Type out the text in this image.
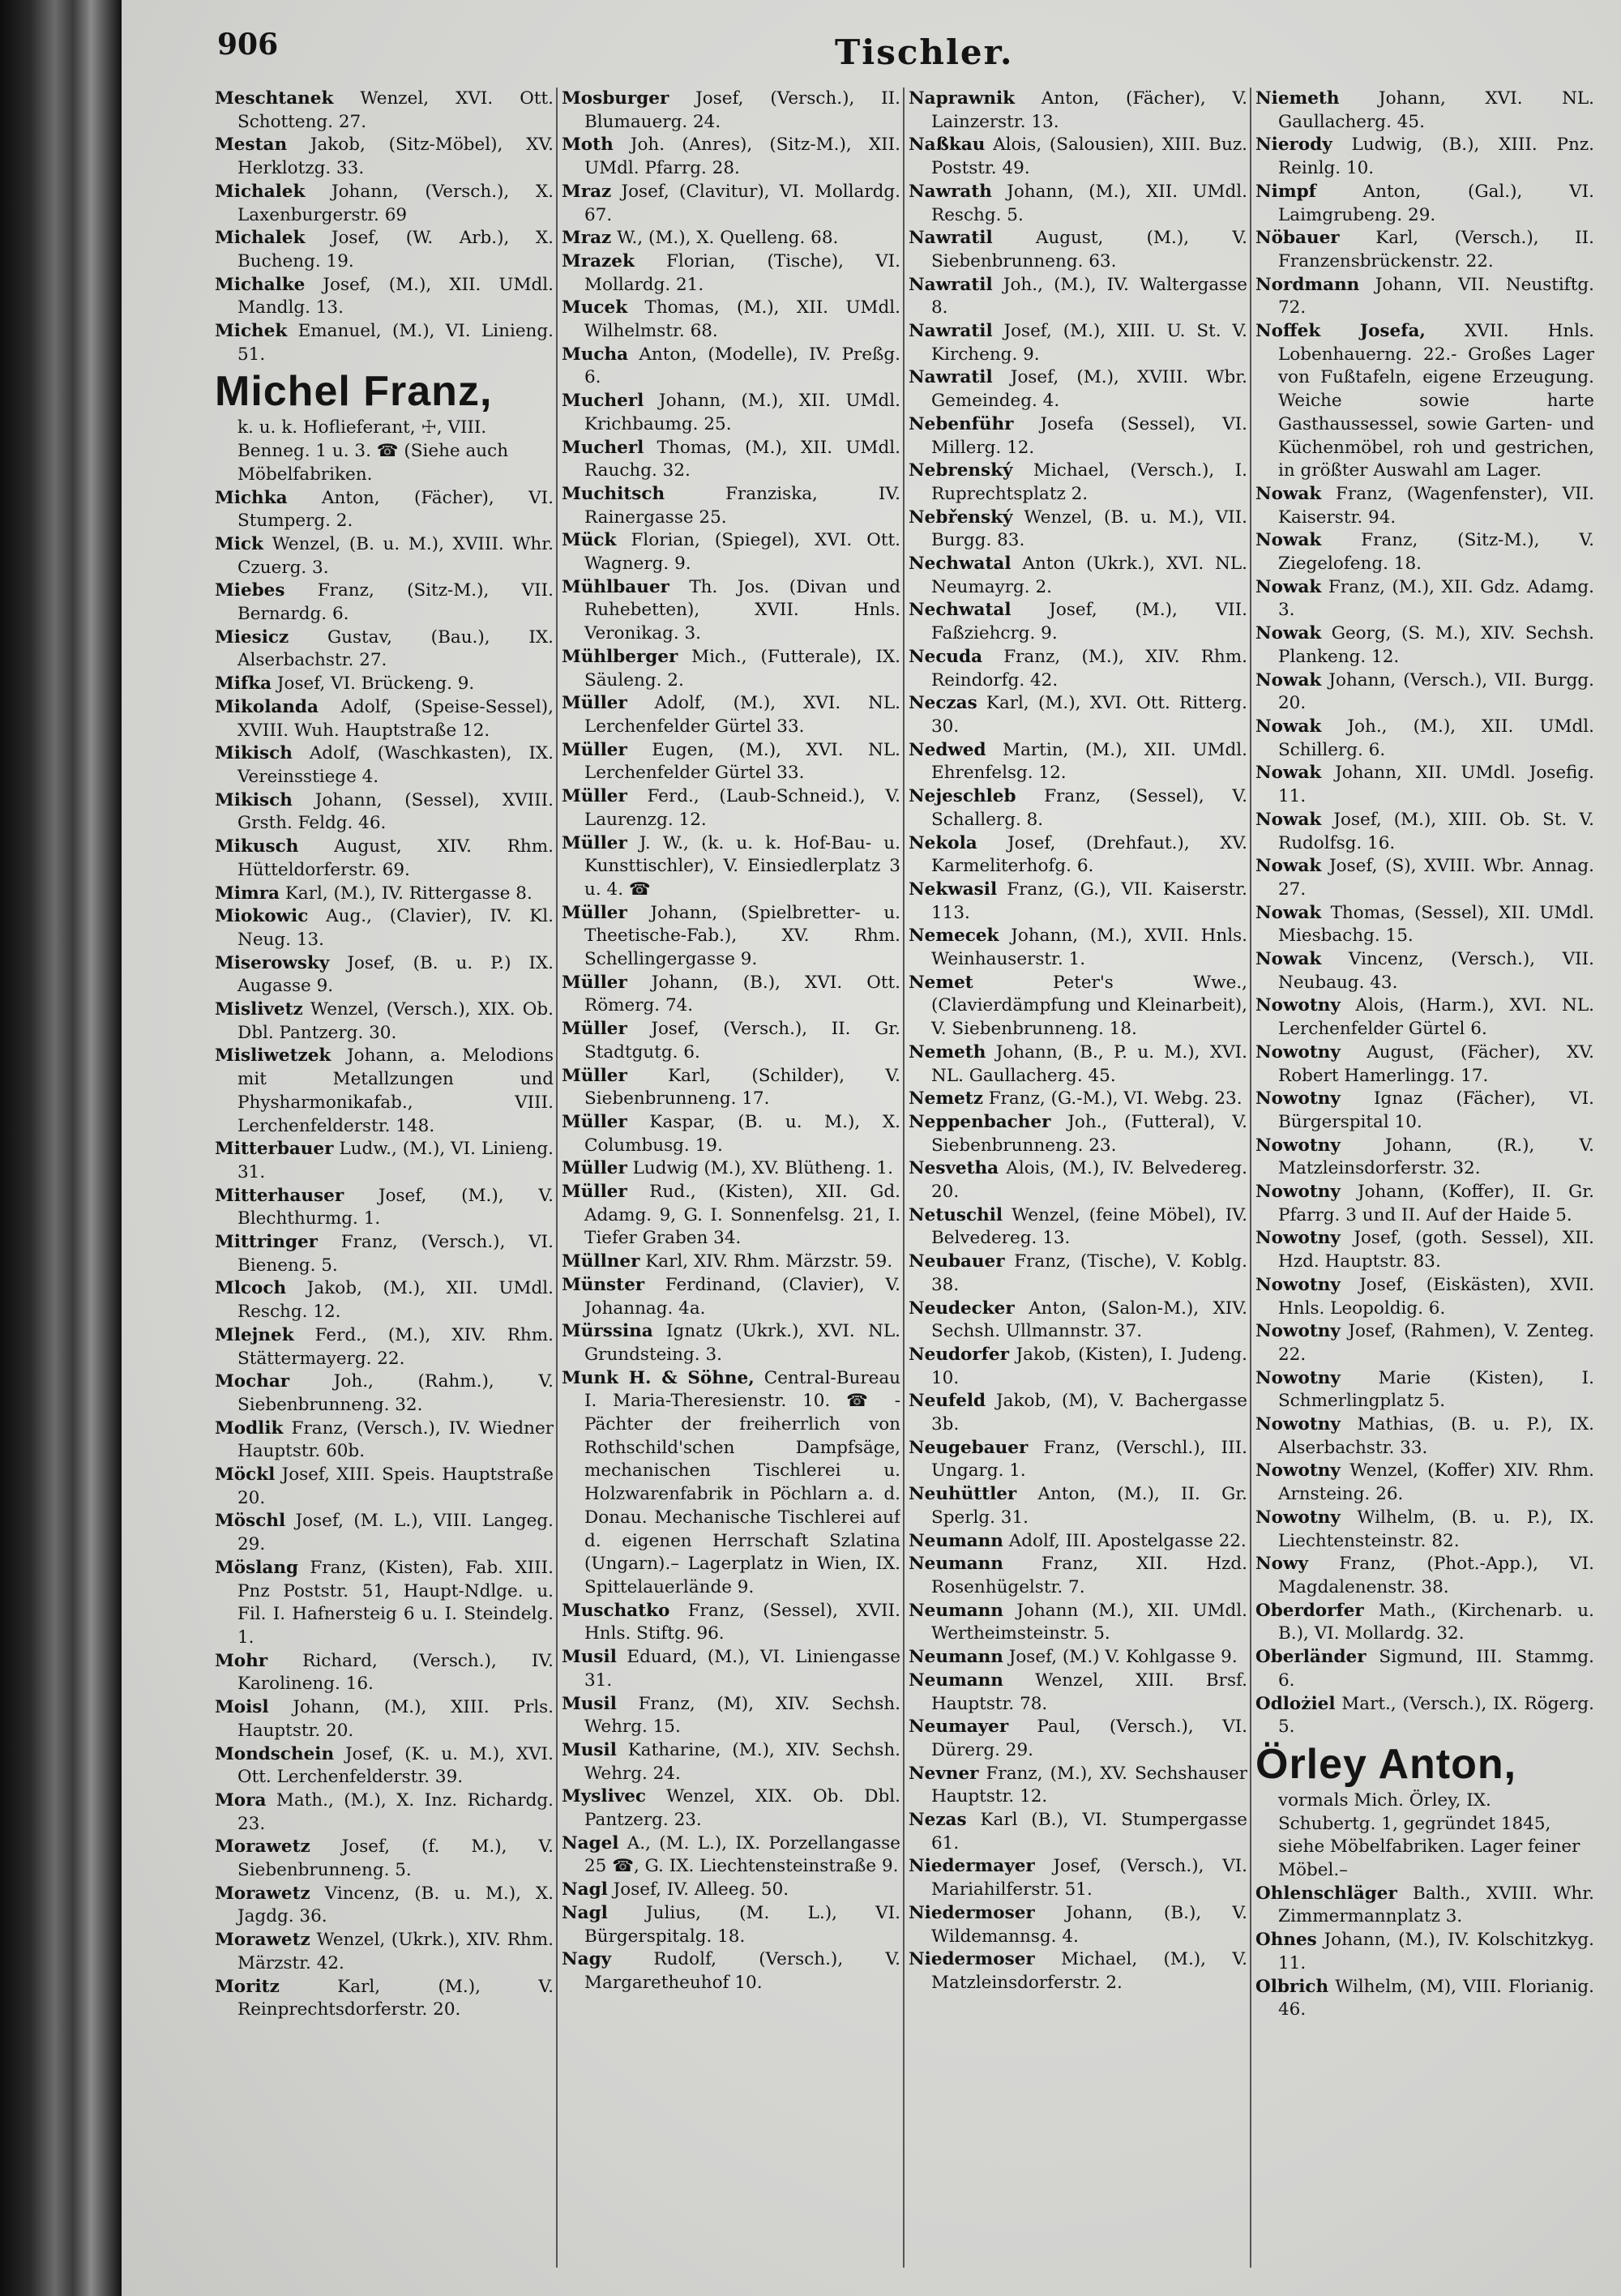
906	Tischler.

Meschtanek Wenzel, XVI. Ott. Schotteng. 27.

Mestan Jakob, (Sitz-Möbel), XV. Herklotzg. 33.

Michalek Johann, (Versch.), X. Laxenburgerstr. 69

Michalek Josef, (W. Arb.), X. Bucheng. 19.

Michalke Josef, (M.), XII. UMdl. Mandlg. 13.

Michek Emanuel, (M.), VI. Linieng. 51.

Michel Franz,
k. u. k. Hoflieferant, ☩, VIII. Benneg. 1 u. 3. ☎ (Siehe auch Möbelfabriken.

Michka Anton, (Fächer), VI. Stumperg. 2.

Mick Wenzel, (B. u. M.), XVIII. Whr. Czuerg. 3.

Miebes Franz, (Sitz-M.), VII. Bernardg. 6.

Miesicz Gustav, (Bau.), IX. Alserbachstr. 27.

Mifka Josef, VI. Brückeng. 9.

Mikolanda Adolf, (Speise-Sessel), XVIII. Wuh. Hauptstraße 12.

Mikisch Adolf, (Waschkasten), IX. Vereinsstiege 4.

Mikisch Johann, (Sessel), XVIII. Grsth. Feldg. 46.

Mikusch August, XIV. Rhm. Hütteldorferstr. 69.

Mimra Karl, (M.), IV. Rittergasse 8.

Miokowic Aug., (Clavier), IV. Kl. Neug. 13.

Miserowsky Josef, (B. u. P.) IX. Augasse 9.

Mislivetz Wenzel, (Versch.), XIX. Ob. Dbl. Pantzerg. 30.

Misliwetzek Johann, a. Melodions mit Metallzungen und Physharmonikafab., VIII. Lerchenfelderstr. 148.

Mitterbauer Ludw., (M.), VI. Linieng. 31.

Mitterhauser Josef, (M.), V. Blechthurmg. 1.

Mittringer Franz, (Versch.), VI. Bieneng. 5.

Mlcoch Jakob, (M.), XII. UMdl. Reschg. 12.

Mlejnek Ferd., (M.), XIV. Rhm. Stättermayerg. 22.

Mochar Joh., (Rahm.), V. Siebenbrunneng. 32.

Modlik Franz, (Versch.), IV. Wiedner Hauptstr. 60b.

Möckl Josef, XIII. Speis. Hauptstraße 20.

Möschl Josef, (M. L.), VIII. Langeg. 29.

Möslang Franz, (Kisten), Fab. XIII. Pnz Poststr. 51, Haupt-Ndlge. u. Fil. I. Hafnersteig 6 u. I. Steindelg. 1.

Mohr Richard, (Versch.), IV. Karolineng. 16.

Moisl Johann, (M.), XIII. Prls. Hauptstr. 20.

Mondschein Josef, (K. u. M.), XVI. Ott. Lerchenfelderstr. 39.

Mora Math., (M.), X. Inz. Richardg. 23.

Morawetz Josef, (f. M.), V. Siebenbrunneng. 5.

Morawetz Vincenz, (B. u. M.), X. Jagdg. 36.

Morawetz Wenzel, (Ukrk.), XIV. Rhm. Märzstr. 42.

Moritz Karl, (M.), V. Reinprechtsdorferstr. 20.

Mosburger Josef, (Versch.), II. Blumauerg. 24.

Moth Joh. (Anres), (Sitz-M.), XII. UMdl. Pfarrg. 28.

Mraz Josef, (Clavitur), VI. Mollardg. 67.

Mraz W., (M.), X. Quelleng. 68.

Mrazek Florian, (Tische), VI. Mollardg. 21.

Mucek Thomas, (M.), XII. UMdl. Wilhelmstr. 68.

Mucha Anton, (Modelle), IV. Preßg. 6.

Mucherl Johann, (M.), XII. UMdl. Krichbaumg. 25.

Mucherl Thomas, (M.), XII. UMdl. Rauchg. 32.

Muchitsch Franziska, IV. Rainergasse 25.

Mück Florian, (Spiegel), XVI. Ott. Wagnerg. 9.

Mühlbauer Th. Jos. (Divan und Ruhebetten), XVII. Hnls. Veronikag. 3.

Mühlberger Mich., (Futterale), IX. Säuleng. 2.

Müller Adolf, (M.), XVI. NL. Lerchenfelder Gürtel 33.

Müller Eugen, (M.), XVI. NL. Lerchenfelder Gürtel 33.

Müller Ferd., (Laub-Schneid.), V. Laurenzg. 12.

Müller J. W., (k. u. k. Hof-Bau- u. Kunsttischler), V. Einsiedlerplatz 3 u. 4. ☎

Müller Johann, (Spielbretter- u. Theetische-Fab.), XV. Rhm. Schellingergasse 9.

Müller Johann, (B.), XVI. Ott. Römerg. 74.

Müller Josef, (Versch.), II. Gr. Stadtgutg. 6.

Müller Karl, (Schilder), V. Siebenbrunneng. 17.

Müller Kaspar, (B. u. M.), X. Columbusg. 19.

Müller Ludwig (M.), XV. Blütheng. 1.

Müller Rud., (Kisten), XII. Gd. Adamg. 9, G. I. Sonnenfelsg. 21, I. Tiefer Graben 34.

Müllner Karl, XIV. Rhm. Märzstr. 59.

Münster Ferdinand, (Clavier), V. Johannag. 4a.

Mürssina Ignatz (Ukrk.), XVI. NL. Grundsteing. 3.

Munk H. & Söhne, Central-Bureau I. Maria-Theresienstr. 10. ☎ -Pächter der freiherrlich von Rothschild'schen Dampfsäge, mechanischen Tischlerei u. Holzwarenfabrik in Pöchlarn a. d. Donau. Mechanische Tischlerei auf d. eigenen Herrschaft Szlatina (Ungarn).– Lagerplatz in Wien, IX. Spittelauerlände 9.

Muschatko Franz, (Sessel), XVII. Hnls. Stiftg. 96.

Musil Eduard, (M.), VI. Liniengasse 31.

Musil Franz, (M), XIV. Sechsh. Wehrg. 15.

Musil Katharine, (M.), XIV. Sechsh. Wehrg. 24.

Myslivec Wenzel, XIX. Ob. Dbl. Pantzerg. 23.

Nagel A., (M. L.), IX. Porzellangasse 25 ☎, G. IX. Liechtensteinstraße 9.

Nagl Josef, IV. Alleeg. 50.

Nagl Julius, (M. L.), VI. Bürgerspitalg. 18.

Nagy Rudolf, (Versch.), V. Margaretheuhof 10.

Naprawnik Anton, (Fächer), V. Lainzerstr. 13.

Naßkau Alois, (Salousien), XIII. Buz. Poststr. 49.

Nawrath Johann, (M.), XII. UMdl. Reschg. 5.

Nawratil August, (M.), V. Siebenbrunneng. 63.

Nawratil Joh., (M.), IV. Waltergasse 8.

Nawratil Josef, (M.), XIII. U. St. V. Kircheng. 9.

Nawratil Josef, (M.), XVIII. Wbr. Gemeindeg. 4.

Nebenführ Josefa (Sessel), VI. Millerg. 12.

Nebrenský Michael, (Versch.), I. Ruprechtsplatz 2.

Nebřenský Wenzel, (B. u. M.), VII. Burgg. 83.

Nechwatal Anton (Ukrk.), XVI. NL. Neumayrg. 2.

Nechwatal Josef, (M.), VII. Faßziehcrg. 9.

Necuda Franz, (M.), XIV. Rhm. Reindorfg. 42.

Neczas Karl, (M.), XVI. Ott. Ritterg. 30.

Nedwed Martin, (M.), XII. UMdl. Ehrenfelsg. 12.

Nejeschleb Franz, (Sessel), V. Schallerg. 8.

Nekola Josef, (Drehfaut.), XV. Karmeliterhofg. 6.

Nekwasil Franz, (G.), VII. Kaiserstr. 113.

Nemecek Johann, (M.), XVII. Hnls. Weinhauserstr. 1.

Nemet Peter's Wwe., (Clavierdämpfung und Kleinarbeit), V. Siebenbrunneng. 18.

Nemeth Johann, (B., P. u. M.), XVI. NL. Gaullacherg. 45.

Nemetz Franz, (G.-M.), VI. Webg. 23.

Neppenbacher Joh., (Futteral), V. Siebenbrunneng. 23.

Nesvetha Alois, (M.), IV. Belvedereg. 20.

Netuschil Wenzel, (feine Möbel), IV. Belvedereg. 13.

Neubauer Franz, (Tische), V. Koblg. 38.

Neudecker Anton, (Salon-M.), XIV. Sechsh. Ullmannstr. 37.

Neudorfer Jakob, (Kisten), I. Judeng. 10.

Neufeld Jakob, (M), V. Bachergasse 3b.

Neugebauer Franz, (Verschl.), III. Ungarg. 1.

Neuhüttler Anton, (M.), II. Gr. Sperlg. 31.

Neumann Adolf, III. Apostelgasse 22.

Neumann Franz, XII. Hzd. Rosenhügelstr. 7.

Neumann Johann (M.), XII. UMdl. Wertheimsteinstr. 5.

Neumann Josef, (M.) V. Kohlgasse 9.

Neumann Wenzel, XIII. Brsf. Hauptstr. 78.

Neumayer Paul, (Versch.), VI. Dürerg. 29.

Nevner Franz, (M.), XV. Sechshauser Hauptstr. 12.

Nezas Karl (B.), VI. Stumpergasse 61.

Niedermayer Josef, (Versch.), VI. Mariahilferstr. 51.

Niedermoser Johann, (B.), V. Wildemannsg. 4.

Niedermoser Michael, (M.), V. Matzleinsdorferstr. 2.

Niemeth Johann, XVI. NL. Gaullacherg. 45.

Nierody Ludwig, (B.), XIII. Pnz. Reinlg. 10.

Nimpf Anton, (Gal.), VI. Laimgrubeng. 29.

Nöbauer Karl, (Versch.), II. Franzensbrückenstr. 22.

Nordmann Johann, VII. Neustiftg. 72.

Noffek Josefa, XVII. Hnls. Lobenhauerng. 22.- Großes Lager von Fußtafeln, eigene Erzeugung. Weiche sowie harte Gasthaussessel, sowie Garten- und Küchenmöbel, roh und gestrichen, in größter Auswahl am Lager.

Nowak Franz, (Wagenfenster), VII. Kaiserstr. 94.

Nowak Franz, (Sitz-M.), V. Ziegelofeng. 18.

Nowak Franz, (M.), XII. Gdz. Adamg. 3.

Nowak Georg, (S. M.), XIV. Sechsh. Plankeng. 12.

Nowak Johann, (Versch.), VII. Burgg. 20.

Nowak Joh., (M.), XII. UMdl. Schillerg. 6.

Nowak Johann, XII. UMdl. Josefig. 11.

Nowak Josef, (M.), XIII. Ob. St. V. Rudolfsg. 16.

Nowak Josef, (S), XVIII. Wbr. Annag. 27.

Nowak Thomas, (Sessel), XII. UMdl. Miesbachg. 15.

Nowak Vincenz, (Versch.), VII. Neubaug. 43.

Nowotny Alois, (Harm.), XVI. NL. Lerchenfelder Gürtel 6.

Nowotny August, (Fächer), XV. Robert Hamerlingg. 17.

Nowotny Ignaz (Fächer), VI. Bürgerspital 10.

Nowotny Johann, (R.), V. Matzleinsdorferstr. 32.

Nowotny Johann, (Koffer), II. Gr. Pfarrg. 3 und II. Auf der Haide 5.

Nowotny Josef, (goth. Sessel), XII. Hzd. Hauptstr. 83.

Nowotny Josef, (Eiskästen), XVII. Hnls. Leopoldig. 6.

Nowotny Josef, (Rahmen), V. Zenteg. 22.

Nowotny Marie (Kisten), I. Schmerlingplatz 5.

Nowotny Mathias, (B. u. P.), IX. Alserbachstr. 33.

Nowotny Wenzel, (Koffer) XIV. Rhm. Arnsteing. 26.

Nowotny Wilhelm, (B. u. P.), IX. Liechtensteinstr. 82.

Nowy Franz, (Phot.-App.), VI. Magdalenenstr. 38.

Oberdorfer Math., (Kirchenarb. u. B.), VI. Mollardg. 32.

Oberländer Sigmund, III. Stammg. 6.

Odlożiel Mart., (Versch.), IX. Rögerg. 5.

Örley Anton,
vormals Mich. Örley, IX. Schubertg. 1, gegründet 1845, siehe Möbelfabriken. Lager feiner Möbel.–

Ohlenschläger Balth., XVIII. Whr. Zimmermannplatz 3.

Ohnes Johann, (M.), IV. Kolschitzkyg. 11.

Olbrich Wilhelm, (M), VIII. Florianig. 46.
